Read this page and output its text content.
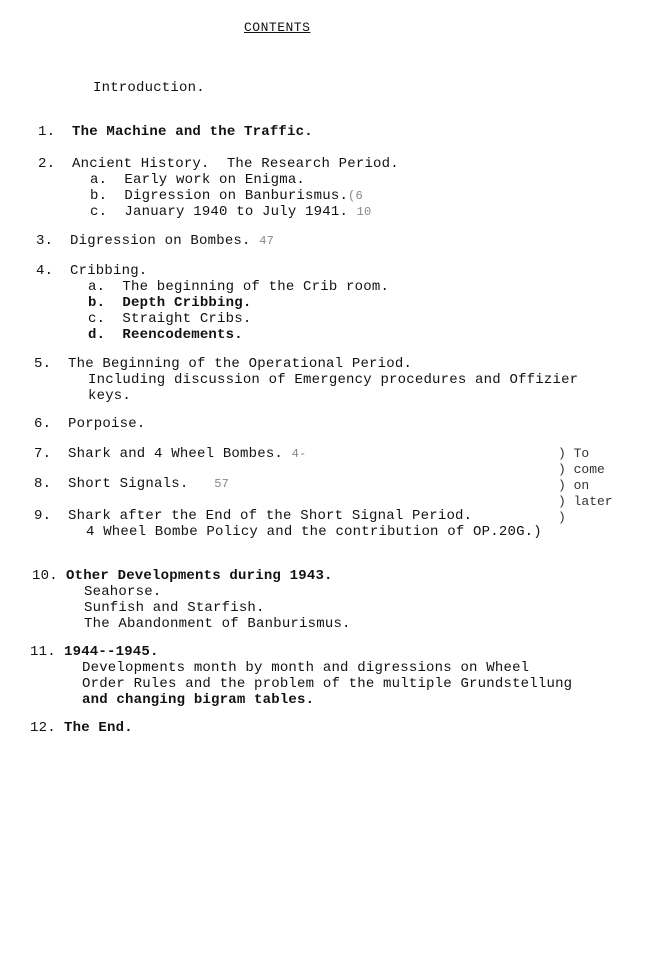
CONTENTS
Introduction.
1. The Machine and the Traffic.
2. Ancient History.  The Research Period.
a.  Early work on Enigma.
b.  Digression on Banburismus.(6
c.  January 1940 to July 1941. 10
3. Digression on Bombes. 47
4. Cribbing.
a.  The beginning of the Crib room.
b.  Depth Cribbing.
c.  Straight Cribs.
d.  Reencodements.
5. The Beginning of the Operational Period.
Including discussion of Emergency procedures and Offizier
keys.
6. Porpoise.
7. Shark and 4 Wheel Bombes. 4-
8. Short Signals. 57
9. Shark after the End of the Short Signal Period.
4 Wheel Bombe Policy and the contribution of OP.20G.)
) To
) come
) on
) later
)
10. Other Developments during 1943.
Seahorse.
Sunfish and Starfish.
The Abandonment of Banburismus.
11. 1944--1945.
Developments month by month and digressions on Wheel
Order Rules and the problem of the multiple Grundstellung
and changing bigram tables.
12. The End.
